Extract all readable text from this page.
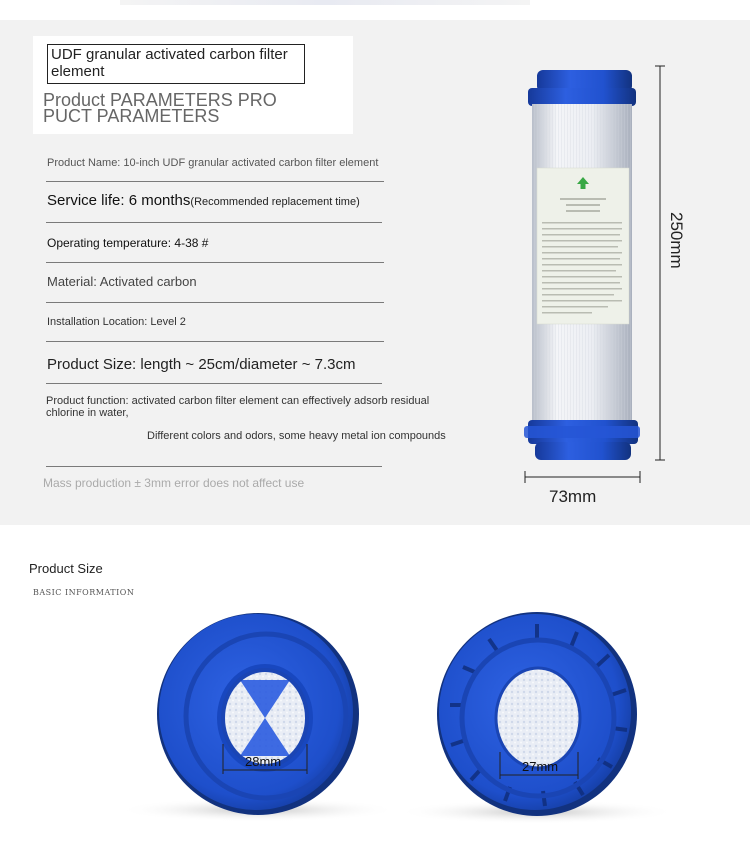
UDF granular activated carbon filter element
Product PARAMETERS PRO PUCT PARAMETERS
Product Name: 10-inch UDF granular activated carbon filter element
Service life: 6 months(Recommended replacement time)
Operating temperature: 4-38 #
Material: Activated carbon
Installation Location: Level 2
Product Size: length ~ 25cm/diameter ~ 7.3cm
Product function: activated carbon filter element can effectively adsorb residual chlorine in water,
Different colors and odors, some heavy metal ion compounds
Mass production ± 3mm error does not affect use
250mm
73mm
28mm	27mm
Product Size
BASIC INFORMATION
